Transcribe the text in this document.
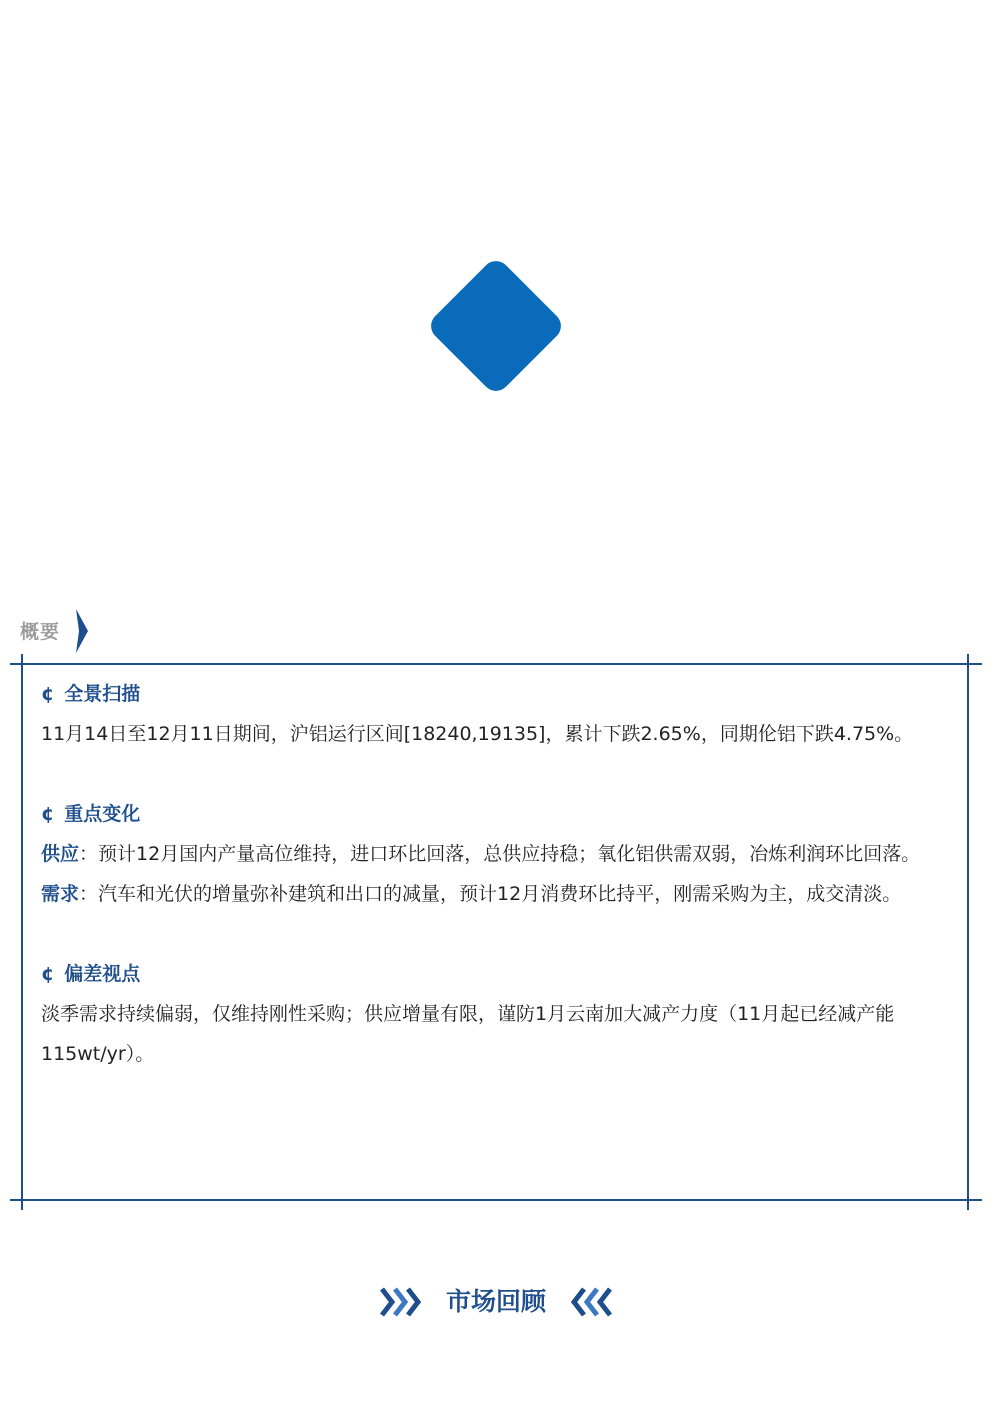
概要
¢ 全景扫描

11月14日至12月11日期间，沪铝运行区间[18240,19135]，累计下跌2.65%，同期伦铝下跌4.75%。

¢ 重点变化

供应：预计12月国内产量高位维持，进口环比回落，总供应持稳；氧化铝供需双弱，冶炼利润环比回落。

需求：汽车和光伏的增量弥补建筑和出口的减量，预计12月消费环比持平，刚需采购为主，成交清淡。

¢ 偏差视点

淡季需求持续偏弱，仅维持刚性采购；供应增量有限，谨防1月云南加大减产力度（11月起已经减产能115wt/yr）。

市场回顾
